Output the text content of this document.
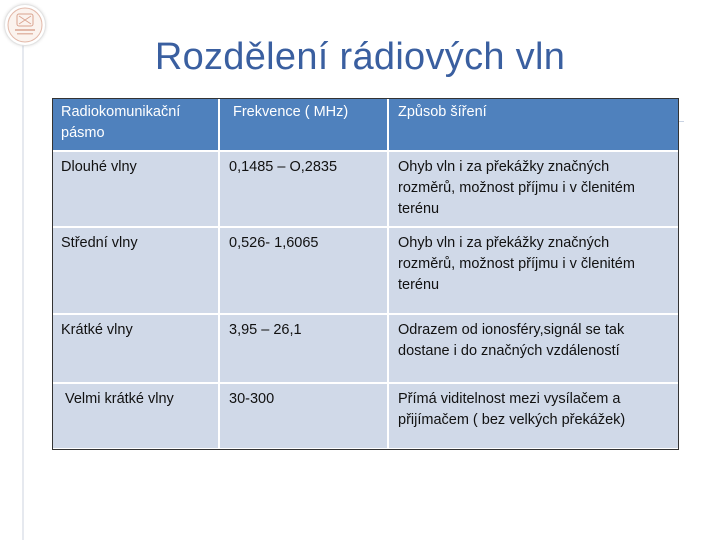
Rozdělení rádiových vln
Radiokomunikační pásmo	Frekvence ( MHz)	Způsob šíření
Dlouhé vlny	0,1485 – O,2835	Ohyb vln i za překážky značných rozměrů, možnost příjmu i v členitém terénu
Střední vlny	0,526- 1,6065	Ohyb vln i za překážky značných rozměrů, možnost příjmu i v členitém terénu
Krátké vlny	3,95 – 26,1	Odrazem od ionosféry,signál se tak dostane i do značných vzdáleností
Velmi krátké vlny	30-300	Přímá viditelnost mezi vysílačem a přijímačem ( bez velkých překážek)
